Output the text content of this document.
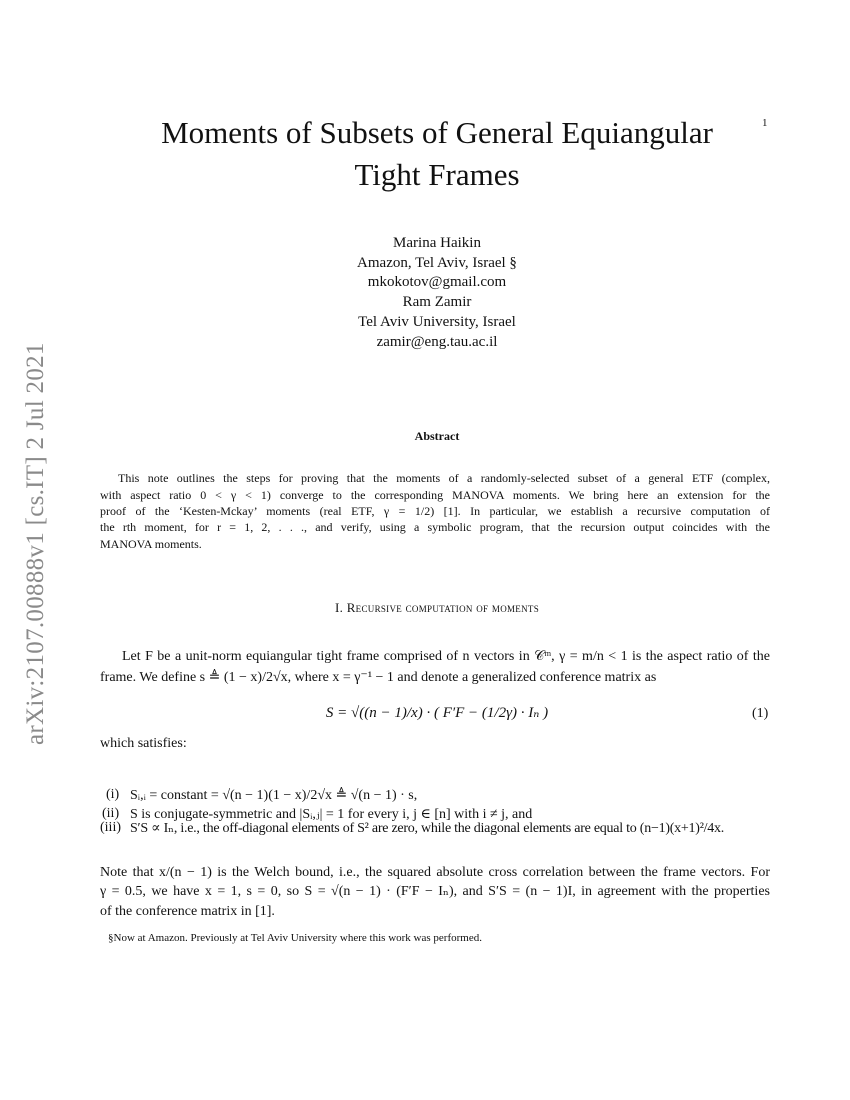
1
arXiv:2107.00888v1 [cs.IT] 2 Jul 2021
Moments of Subsets of General Equiangular
Tight Frames
Marina Haikin
Amazon, Tel Aviv, Israel §
mkokotov@gmail.com
Ram Zamir
Tel Aviv University, Israel
zamir@eng.tau.ac.il
Abstract
This note outlines the steps for proving that the moments of a randomly-selected subset of a general ETF (complex,
with aspect ratio 0 < γ < 1) converge to the corresponding MANOVA moments. We bring here an extension for the
proof of the ‘Kesten-Mckay’ moments (real ETF, γ = 1/2) [1]. In particular, we establish a recursive computation of
the rth moment, for r = 1, 2, . . ., and verify, using a symbolic program, that the recursion output coincides with the
MANOVA moments.
I. Recursive computation of moments
Let F be a unit-norm equiangular tight frame comprised of n vectors in 𝒞ᵐ, γ = m/n < 1 is the aspect ratio of the
frame. We define s ≜ (1 − x)/2√x, where x = γ⁻¹ − 1 and denote a generalized conference matrix as
S = √((n − 1)/x) · ( F′F − (1/2γ) · Iₙ )	(1)
which satisfies:
(i) Sᵢ,ᵢ = constant = √(n − 1)(1 − x)/2√x ≜ √(n − 1) · s,
(ii) S is conjugate-symmetric and |Sᵢ,ⱼ| = 1 for every i, j ∈ [n] with i ≠ j, and
(iii) S′S ∝ Iₙ, i.e., the off-diagonal elements of S² are zero, while the diagonal elements are equal to (n−1)(x+1)²/4x.
Note that x/(n − 1) is the Welch bound, i.e., the squared absolute cross correlation between the frame vectors. For
γ = 0.5, we have x = 1, s = 0, so S = √(n − 1) · (F′F − Iₙ), and S′S = (n − 1)I, in agreement with the properties
of the conference matrix in [1].
§Now at Amazon. Previously at Tel Aviv University where this work was performed.
